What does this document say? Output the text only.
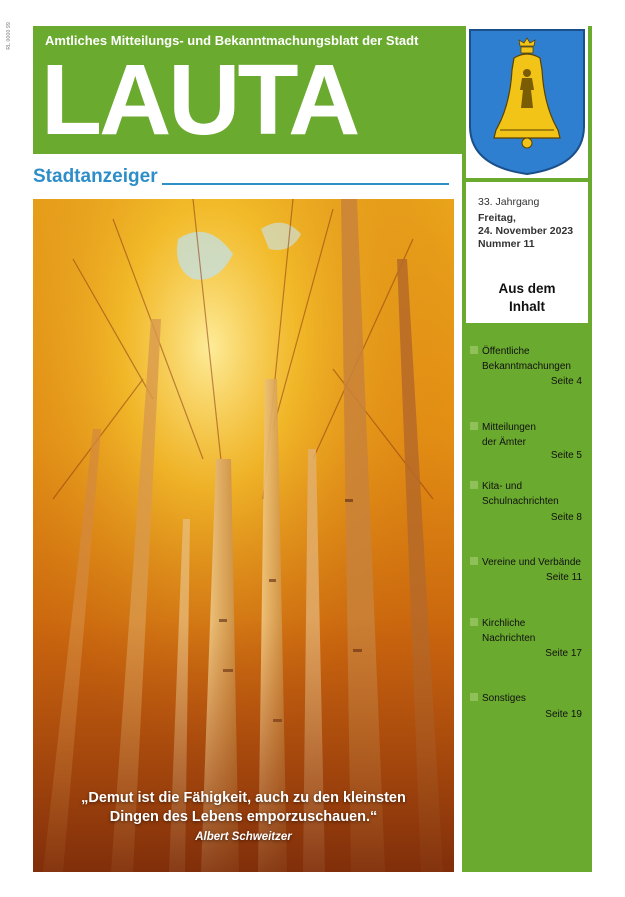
RL 0000 99	Amtliches Mitteilungs- und Bekanntmachungsblatt der Stadt
LAUTA
Stadtanzeiger
„Demut ist die Fähigkeit, auch zu den kleinsten
Dingen des Lebens emporzuschauen.“
Albert Schweitzer
33. Jahrgang
Freitag,
24. November 2023
Nummer 11
Aus dem
Inhalt
Öffentliche
Bekanntmachungen
Seite 4
Mitteilungen
der Ämter
Seite 5
Kita- und
Schulnachrichten
Seite 8
Vereine und Verbände
Seite 11
Kirchliche
Nachrichten
Seite 17
Sonstiges
Seite 19
